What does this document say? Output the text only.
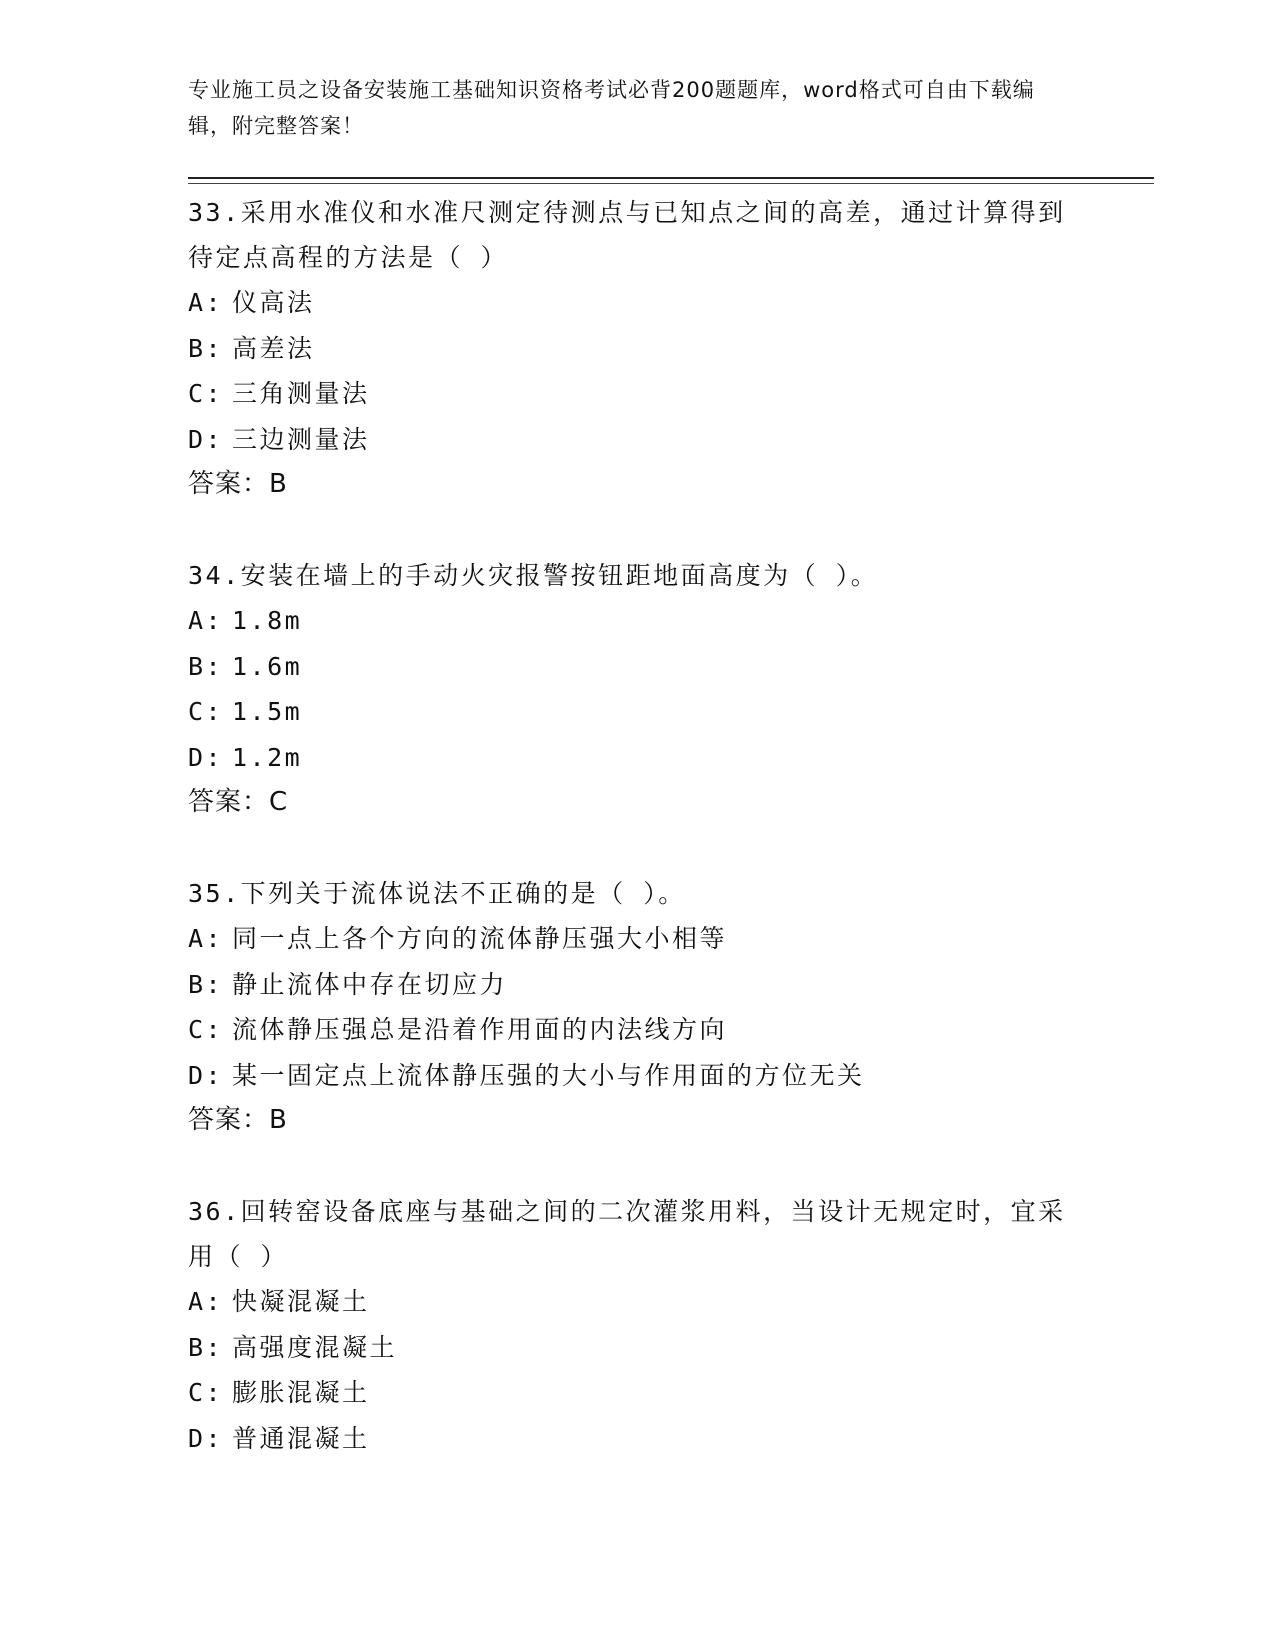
专业施工员之设备安装施工基础知识资格考试必背200题题库，word格式可自由下载编辑，附完整答案！
33.采用水准仪和水准尺测定待测点与已知点之间的高差，通过计算得到待定点高程的方法是（ ）
A: 仪高法
B: 高差法
C: 三角测量法
D: 三边测量法
答案：B
34.安装在墙上的手动火灾报警按钮距地面高度为（ ）。
A: 1.8m
B: 1.6m
C: 1.5m
D: 1.2m
答案：C
35.下列关于流体说法不正确的是（ ）。
A: 同一点上各个方向的流体静压强大小相等
B: 静止流体中存在切应力
C: 流体静压强总是沿着作用面的内法线方向
D: 某一固定点上流体静压强的大小与作用面的方位无关
答案：B
36.回转窑设备底座与基础之间的二次灌浆用料，当设计无规定时，宜采用（ ）
A: 快凝混凝土
B: 高强度混凝土
C: 膨胀混凝土
D: 普通混凝土
